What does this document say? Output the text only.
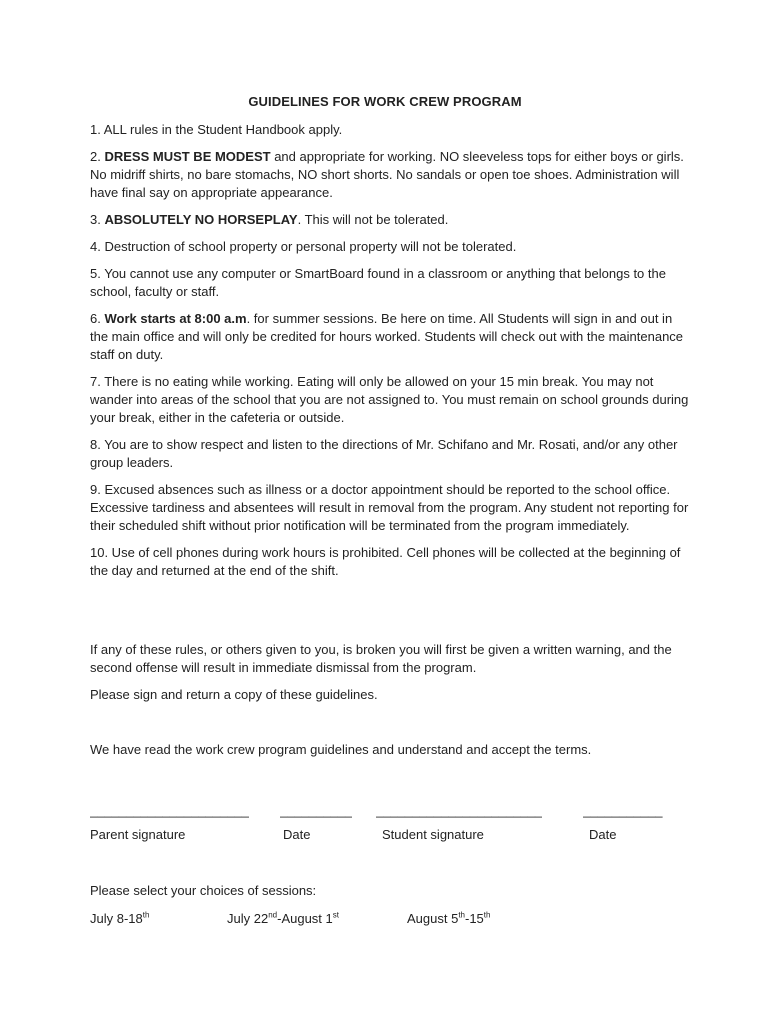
GUIDELINES FOR WORK CREW PROGRAM

1. ALL rules in the Student Handbook apply.

2. DRESS MUST BE MODEST and appropriate for working. NO sleeveless tops for either boys or girls. No midriff shirts, no bare stomachs, NO short shorts. No sandals or open toe shoes. Administration will have final say on appropriate appearance.

3. ABSOLUTELY NO HORSEPLAY. This will not be tolerated.

4. Destruction of school property or personal property will not be tolerated.

5. You cannot use any computer or SmartBoard found in a classroom or anything that belongs to the school, faculty or staff.

6. Work starts at 8:00 a.m. for summer sessions. Be here on time. All Students will sign in and out in the main office and will only be credited for hours worked. Students will check out with the maintenance staff on duty.

7. There is no eating while working. Eating will only be allowed on your 15 min break. You may not wander into areas of the school that you are not assigned to. You must remain on school grounds during your break, either in the cafeteria or outside.

8. You are to show respect and listen to the directions of Mr. Schifano and Mr. Rosati, and/or any other group leaders.

9. Excused absences such as illness or a doctor appointment should be reported to the school office. Excessive tardiness and absentees will result in removal from the program. Any student not reporting for their scheduled shift without prior notification will be terminated from the program immediately.

10. Use of cell phones during work hours is prohibited. Cell phones will be collected at the beginning of the day and returned at the end of the shift.

If any of these rules, or others given to you, is broken you will first be given a written warning, and the second offense will result in immediate dismissal from the program.

Please sign and return a copy of these guidelines.

We have read the work crew program guidelines and understand and accept the terms.

______________________ __________ _______________________	___________
Parent signature	Date	Student signature	Date
Please select your choices of sessions:
July 8-18th	July 22nd-August 1st	August 5th-15th
